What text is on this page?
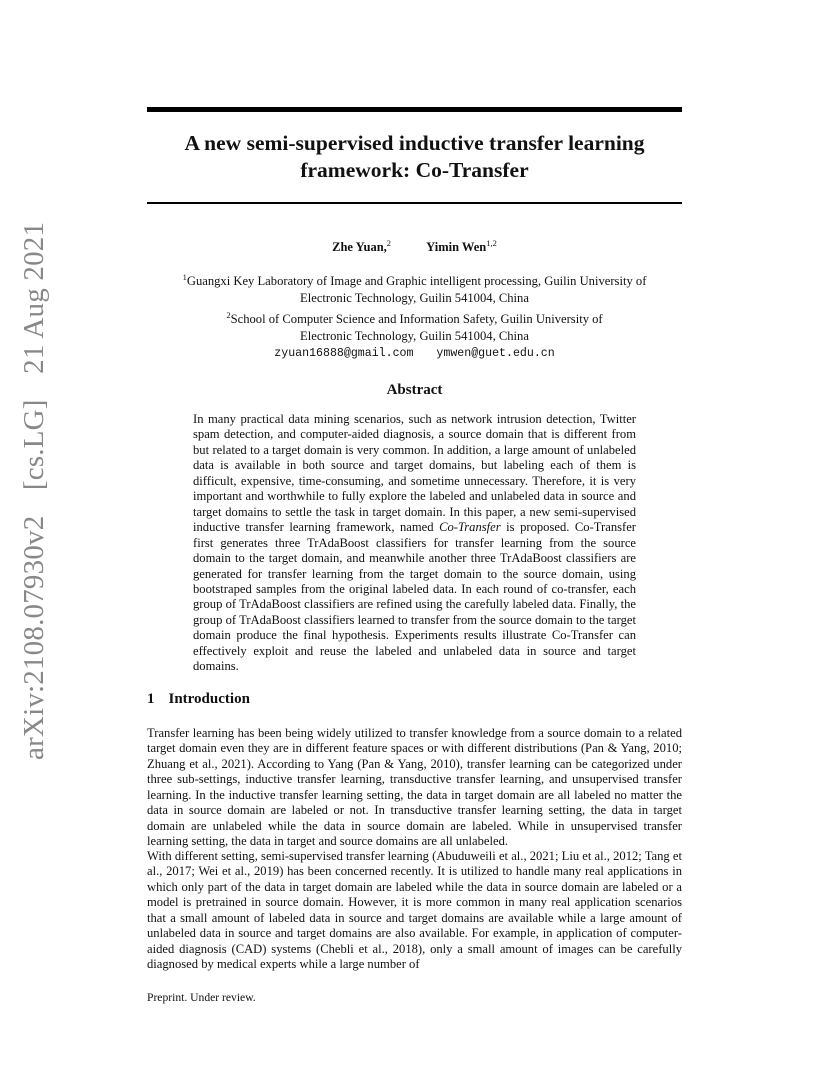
arXiv:2108.07930v2 [cs.LG] 21 Aug 2021
A new semi-supervised inductive transfer learning
framework: Co-Transfer
Zhe Yuan,$^2$	Yimin Wen$^{1,2}$
$^1$Guangxi Key Laboratory of Image and Graphic intelligent processing, Guilin University of
Electronic Technology, Guilin 541004, China
$^2$School of Computer Science and Information Safety, Guilin University of
Electronic Technology, Guilin 541004, China
zyuan16888@gmail.com ymwen@guet.edu.cn
Abstract
In many practical data mining scenarios, such as network intrusion detection, Twitter spam detection, and computer-aided diagnosis, a source domain that is different from but related to a target domain is very common. In addition, a large amount of unlabeled data is available in both source and target domains, but labeling each of them is difficult, expensive, time-consuming, and sometime unnecessary. Therefore, it is very important and worthwhile to fully explore the labeled and unlabeled data in source and target domains to settle the task in target domain. In this paper, a new semi-supervised inductive transfer learning framework, named Co-Transfer is proposed. Co-Transfer first generates three TrAdaBoost classifiers for transfer learning from the source domain to the target domain, and meanwhile another three TrAdaBoost classifiers are generated for transfer learning from the target domain to the source domain, using bootstraped samples from the original labeled data. In each round of co-transfer, each group of TrAdaBoost classifiers are refined using the carefully labeled data. Finally, the group of TrAdaBoost classifiers learned to transfer from the source domain to the target domain produce the final hypothesis. Experiments results illustrate Co-Transfer can effectively exploit and reuse the labeled and unlabeled data in source and target domains.
1 Introduction
Transfer learning has been being widely utilized to transfer knowledge from a source domain to a related target domain even they are in different feature spaces or with different distributions (Pan & Yang, 2010; Zhuang et al., 2021). According to Yang (Pan & Yang, 2010), transfer learning can be categorized under three sub-settings, inductive transfer learning, transductive transfer learning, and unsupervised transfer learning. In the inductive transfer learning setting, the data in target domain are all labeled no matter the data in source domain are labeled or not. In transductive transfer learning setting, the data in target domain are unlabeled while the data in source domain are labeled. While in unsupervised transfer learning setting, the data in target and source domains are all unlabeled.
With different setting, semi-supervised transfer learning (Abuduweili et al., 2021; Liu et al., 2012; Tang et al., 2017; Wei et al., 2019) has been concerned recently. It is utilized to handle many real applications in which only part of the data in target domain are labeled while the data in source domain are labeled or a model is pretrained in source domain. However, it is more common in many real application scenarios that a small amount of labeled data in source and target domains are available while a large amount of unlabeled data in source and target domains are also available. For example, in application of computer-aided diagnosis (CAD) systems (Chebli et al., 2018), only a small amount of images can be carefully diagnosed by medical experts while a large number of
Preprint. Under review.
